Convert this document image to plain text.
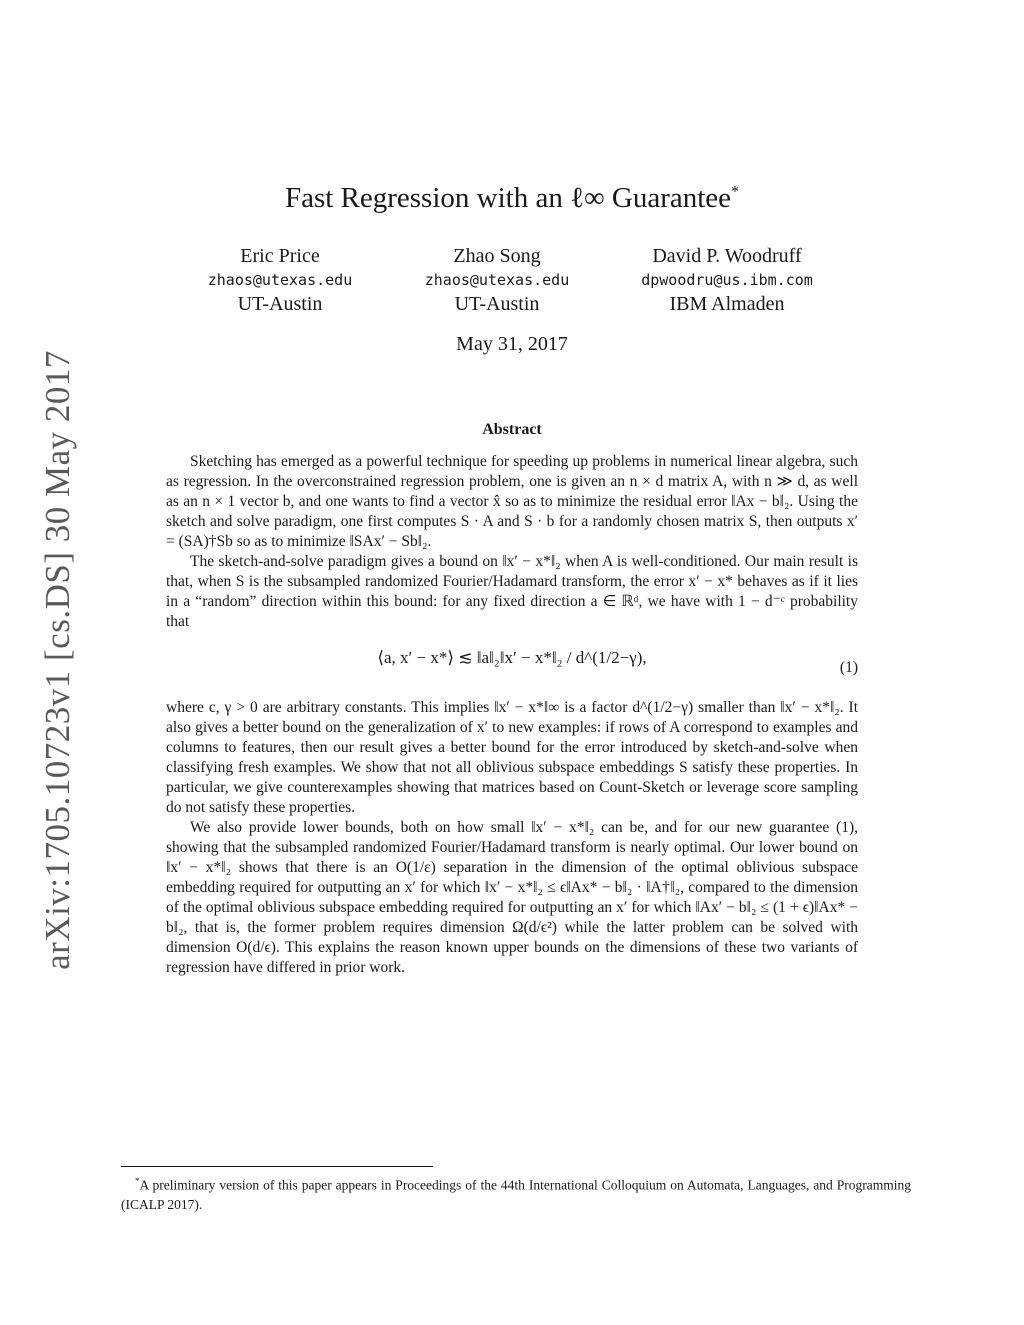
arXiv:1705.10723v1 [cs.DS] 30 May 2017
Fast Regression with an ℓ∞ Guarantee*
Eric Price
zhaos@utexas.edu
UT-Austin
Zhao Song
zhaos@utexas.edu
UT-Austin
David P. Woodruff
dpwoodru@us.ibm.com
IBM Almaden
May 31, 2017
Abstract

Sketching has emerged as a powerful technique for speeding up problems in numerical linear algebra, such as regression. In the overconstrained regression problem, one is given an n × d matrix A, with n ≫ d, as well as an n × 1 vector b, and one wants to find a vector x̂ so as to minimize the residual error ‖Ax − b‖₂. Using the sketch and solve paradigm, one first computes S · A and S · b for a randomly chosen matrix S, then outputs x′ = (SA)†Sb so as to minimize ‖SAx′ − Sb‖₂.

The sketch-and-solve paradigm gives a bound on ‖x′ − x*‖₂ when A is well-conditioned. Our main result is that, when S is the subsampled randomized Fourier/Hadamard transform, the error x′ − x* behaves as if it lies in a “random” direction within this bound: for any fixed direction a ∈ ℝᵈ, we have with 1 − d⁻ᶜ probability that

⟨a, x′ − x*⟩ ≲ ‖a‖₂‖x′ − x*‖₂ / d^(1/2−γ),
(1)

where c, γ > 0 are arbitrary constants. This implies ‖x′ − x*‖∞ is a factor d^(1/2−γ) smaller than ‖x′ − x*‖₂. It also gives a better bound on the generalization of x′ to new examples: if rows of A correspond to examples and columns to features, then our result gives a better bound for the error introduced by sketch-and-solve when classifying fresh examples. We show that not all oblivious subspace embeddings S satisfy these properties. In particular, we give counterexamples showing that matrices based on Count-Sketch or leverage score sampling do not satisfy these properties.

We also provide lower bounds, both on how small ‖x′ − x*‖₂ can be, and for our new guarantee (1), showing that the subsampled randomized Fourier/Hadamard transform is nearly optimal. Our lower bound on ‖x′ − x*‖₂ shows that there is an O(1/ε) separation in the dimension of the optimal oblivious subspace embedding required for outputting an x′ for which ‖x′ − x*‖₂ ≤ ϵ‖Ax* − b‖₂ · ‖A†‖₂, compared to the dimension of the optimal oblivious subspace embedding required for outputting an x′ for which ‖Ax′ − b‖₂ ≤ (1 + ϵ)‖Ax* − b‖₂, that is, the former problem requires dimension Ω(d/ϵ²) while the latter problem can be solved with dimension O(d/ϵ). This explains the reason known upper bounds on the dimensions of these two variants of regression have differed in prior work.

*A preliminary version of this paper appears in Proceedings of the 44th International Colloquium on Automata, Languages, and Programming (ICALP 2017).
